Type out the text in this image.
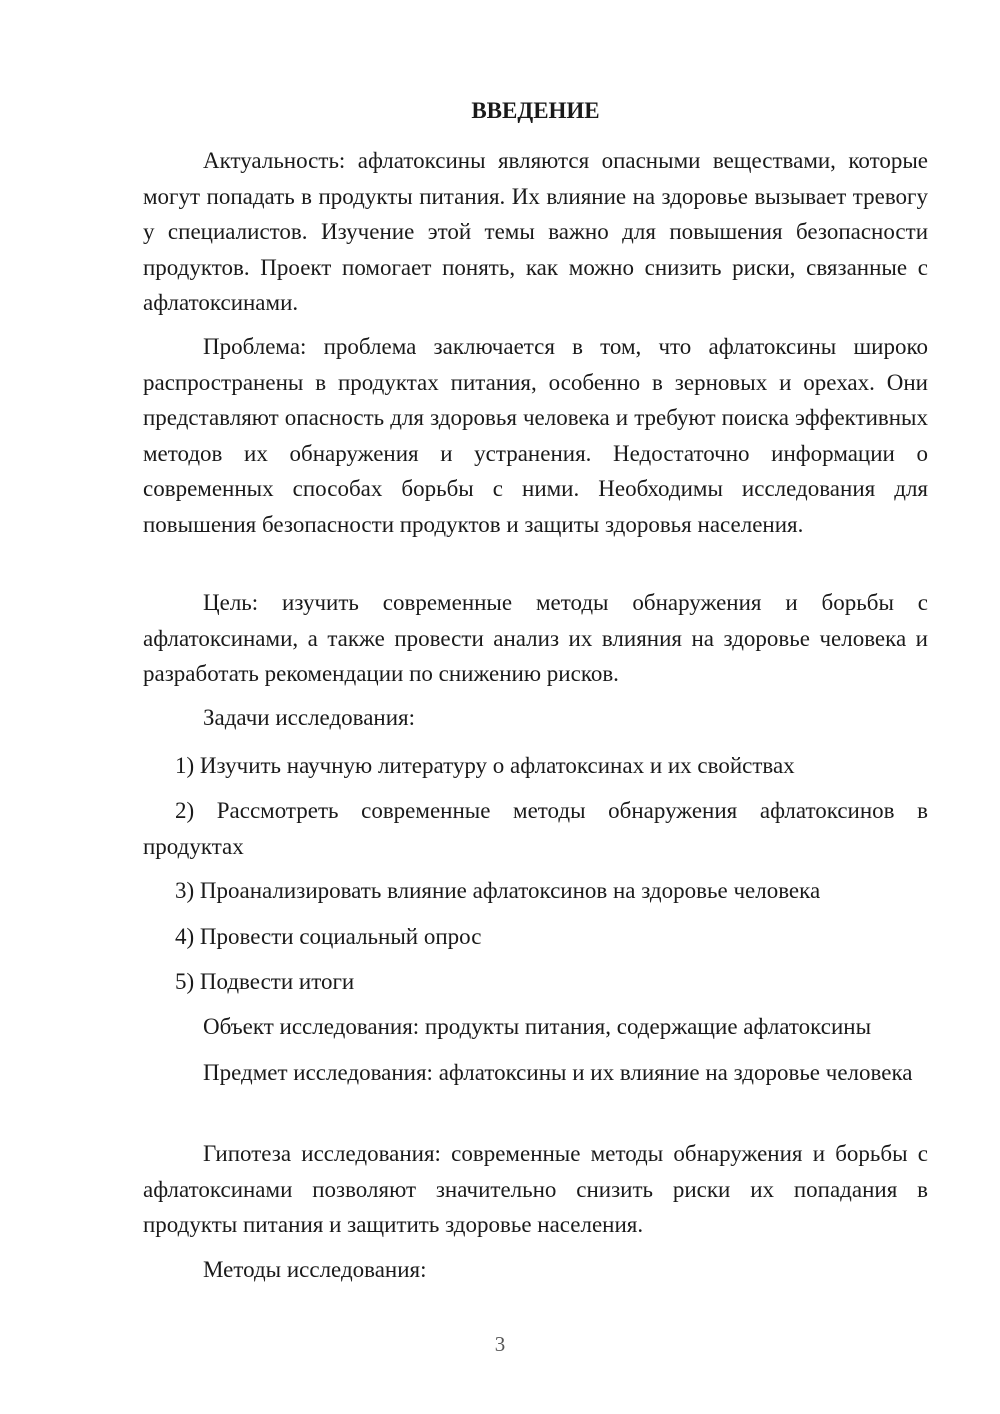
ВВЕДЕНИЕ

Актуальность: афлатоксины являются опасными веществами, которые могут попадать в продукты питания. Их влияние на здоровье вызывает тревогу у специалистов. Изучение этой темы важно для повышения безопасности продуктов. Проект помогает понять, как можно снизить риски, связанные с афлатоксинами.

Проблема: проблема заключается в том, что афлатоксины широко распространены в продуктах питания, особенно в зерновых и орехах. Они представляют опасность для здоровья человека и требуют поиска эффективных методов их обнаружения и устранения. Недостаточно информации о современных способах борьбы с ними. Необходимы исследования для повышения безопасности продуктов и защиты здоровья населения.

Цель: изучить современные методы обнаружения и борьбы с афлатоксинами, а также провести анализ их влияния на здоровье человека и разработать рекомендации по снижению рисков.

Задачи исследования:

1) Изучить научную литературу о афлатоксинах и их свойствах

2) Рассмотреть современные методы обнаружения афлатоксинов в продуктах

3) Проанализировать влияние афлатоксинов на здоровье человека

4) Провести социальный опрос

5) Подвести итоги

Объект исследования: продукты питания, содержащие афлатоксины

Предмет исследования: афлатоксины и их влияние на здоровье человека

Гипотеза исследования: современные методы обнаружения и борьбы с афлатоксинами позволяют значительно снизить риски их попадания в продукты питания и защитить здоровье населения.

Методы исследования:

3
